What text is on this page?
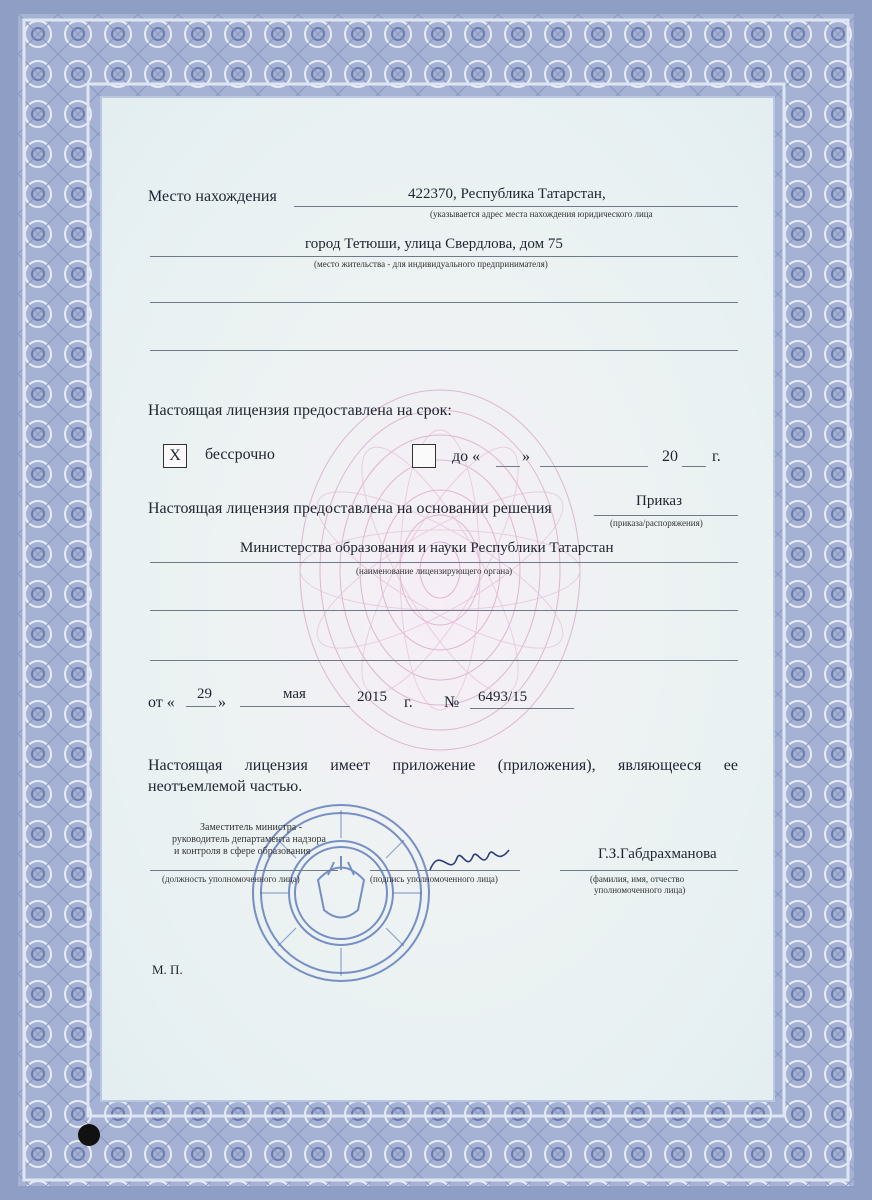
Место нахождения	422370, Республика Татарстан,
(указывается адрес места нахождения юридического лица
город Тетюши, улица Свердлова, дом 75
(место жительства - для индивидуального предпринимателя)
Настоящая лицензия предоставлена на срок:
X	бессрочно	до «	»	20 г.
Настоящая лицензия предоставлена на основании решения	Приказ
(приказа/распоряжения)
Министерства образования и науки Республики Татарстан
(наименование лицензирующего органа)
от « 29 »	мая	2015 г. № 6493/15
Настоящая лицензия имеет приложение (приложения), являющееся ее
неотъемлемой частью.
Заместитель министра -
руководитель департамента надзора
и контроля в сфере образования
(должность уполномоченного лица)	(подпись уполномоченного лица)
Г.З.Габдрахманова
(фамилия, имя, отчество
уполномоченного лица)
М. П.
